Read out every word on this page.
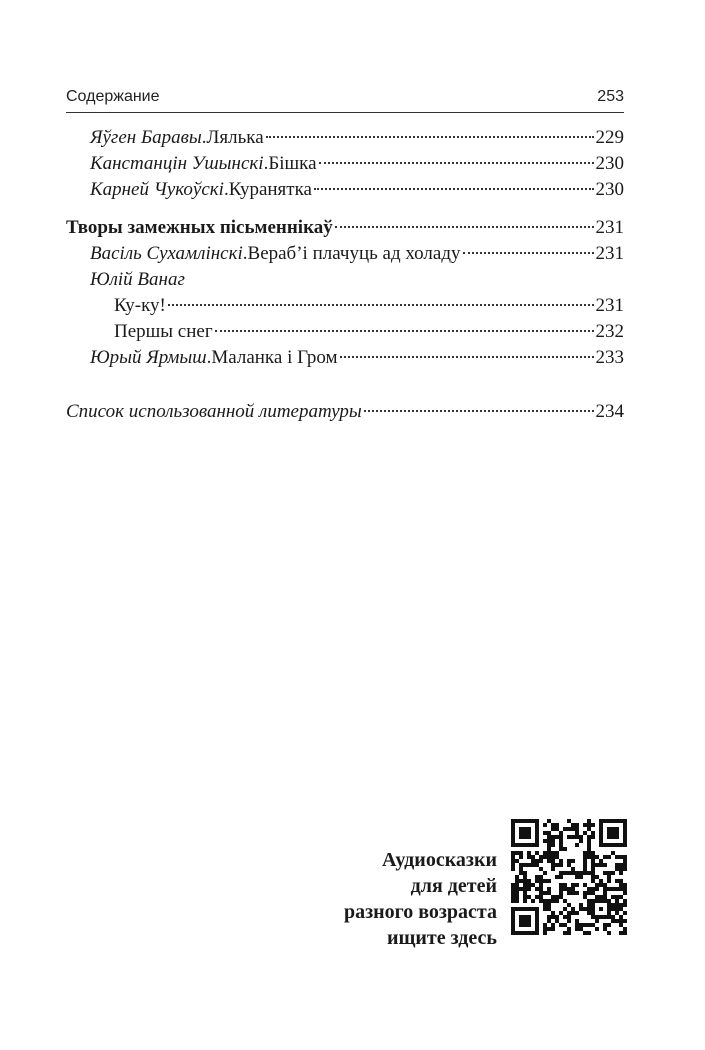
Содержание	253
Яўген Баравы . Лялька	229
Канстанцін Ушынскі . Бішка	230
Карней Чукоўскі . Куранятка	230
Творы замежных пісьменнікаў	231
Васіль Сухамлінскі . Вераб’і плачуць ад холаду	231
Юлій Ванаг
Ку-ку!	231
Першы снег	232
Юрый Ярмыш . Маланка і Гром	233
Список использованной литературы	234
Аудиосказки
для детей
разного возраста
ищите здесь
